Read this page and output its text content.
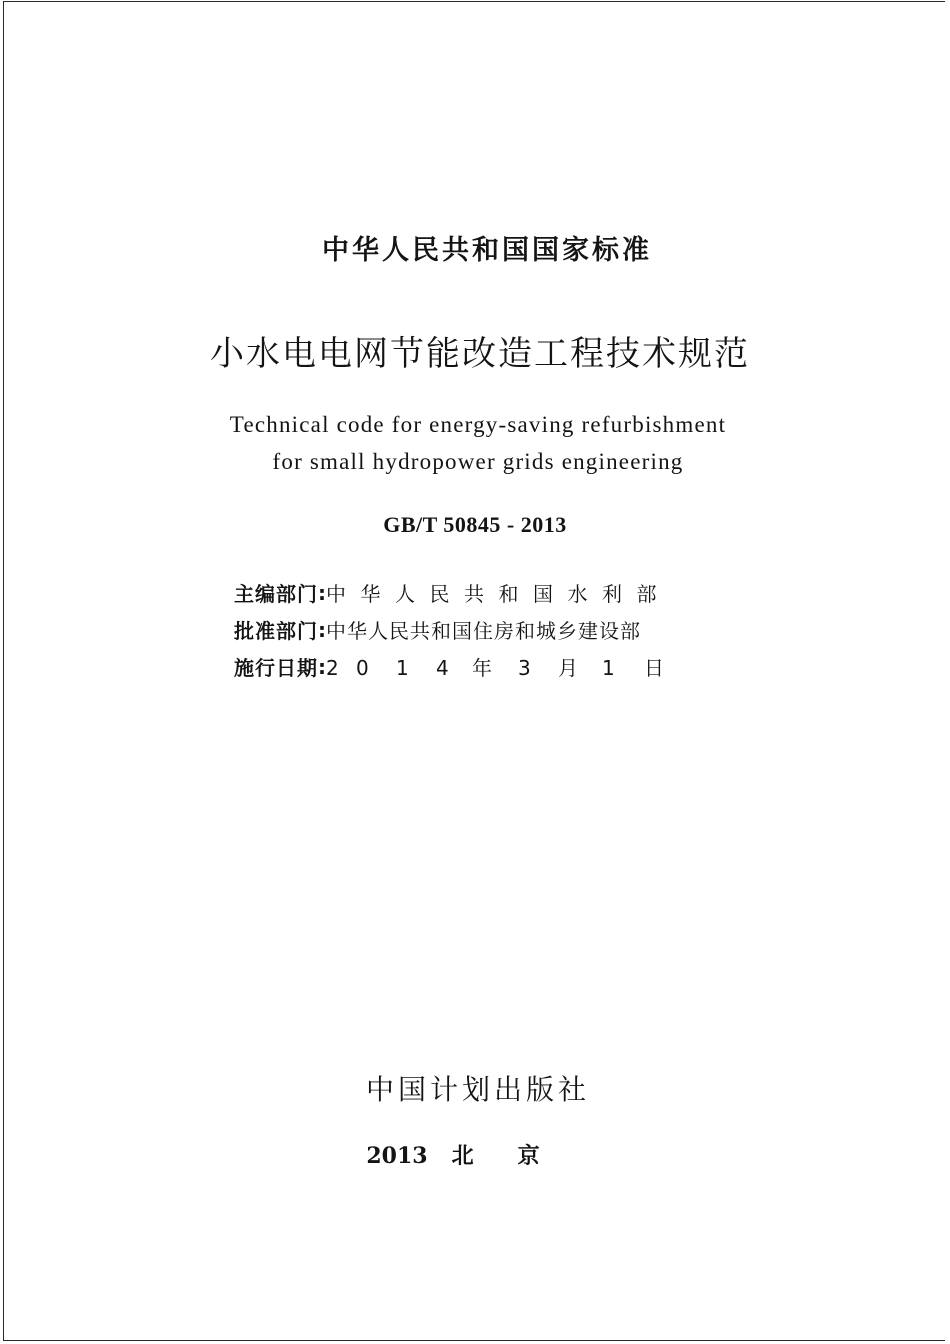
中华人民共和国国家标准
小水电电网节能改造工程技术规范
Technical code for energy-saving refurbishment
for small hydropower grids engineering
GB/T 50845 - 2013
主编部门 : 中华人民共和国水利部
批准部门 : 中华人民共和国住房和城乡建设部
施行日期 : 2 0 1 4 年 3 月 1 日
中国计划出版社
2013 北京
